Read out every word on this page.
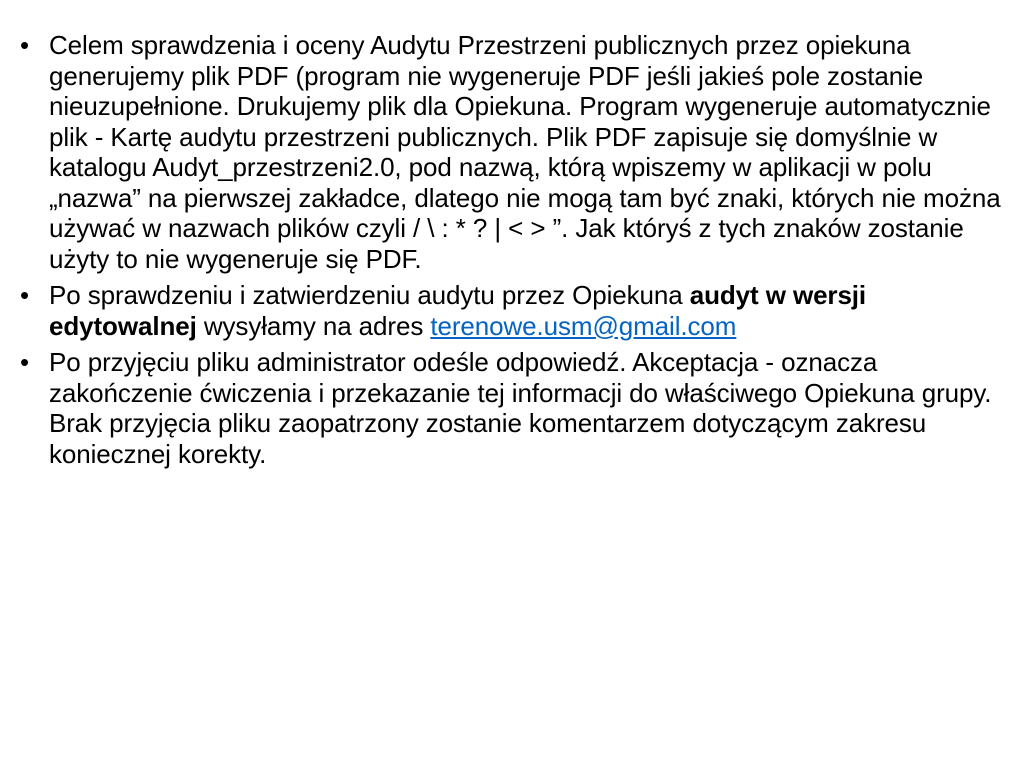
• Celem sprawdzenia i oceny Audytu Przestrzeni publicznych przez opiekuna generujemy plik PDF (program nie wygeneruje PDF jeśli jakieś pole zostanie nieuzupełnione. Drukujemy plik dla Opiekuna. Program wygeneruje automatycznie plik - Kartę audytu przestrzeni publicznych. Plik PDF zapisuje się domyślnie w katalogu Audyt_przestrzeni2.0, pod nazwą, którą wpiszemy w aplikacji w polu „nazwa” na pierwszej zakładce, dlatego nie mogą tam być znaki, których nie można używać w nazwach plików czyli / \ : * ? | < > ”. Jak któryś z tych znaków zostanie użyty to nie wygeneruje się PDF.
• Po sprawdzeniu i zatwierdzeniu audytu przez Opiekuna audyt w wersji edytowalnej wysyłamy na adres terenowe.usm@gmail.com
• Po przyjęciu pliku administrator odeśle odpowiedź. Akceptacja - oznacza zakończenie ćwiczenia i przekazanie tej informacji do właściwego Opiekuna grupy. Brak przyjęcia pliku zaopatrzony zostanie komentarzem dotyczącym zakresu koniecznej korekty.
